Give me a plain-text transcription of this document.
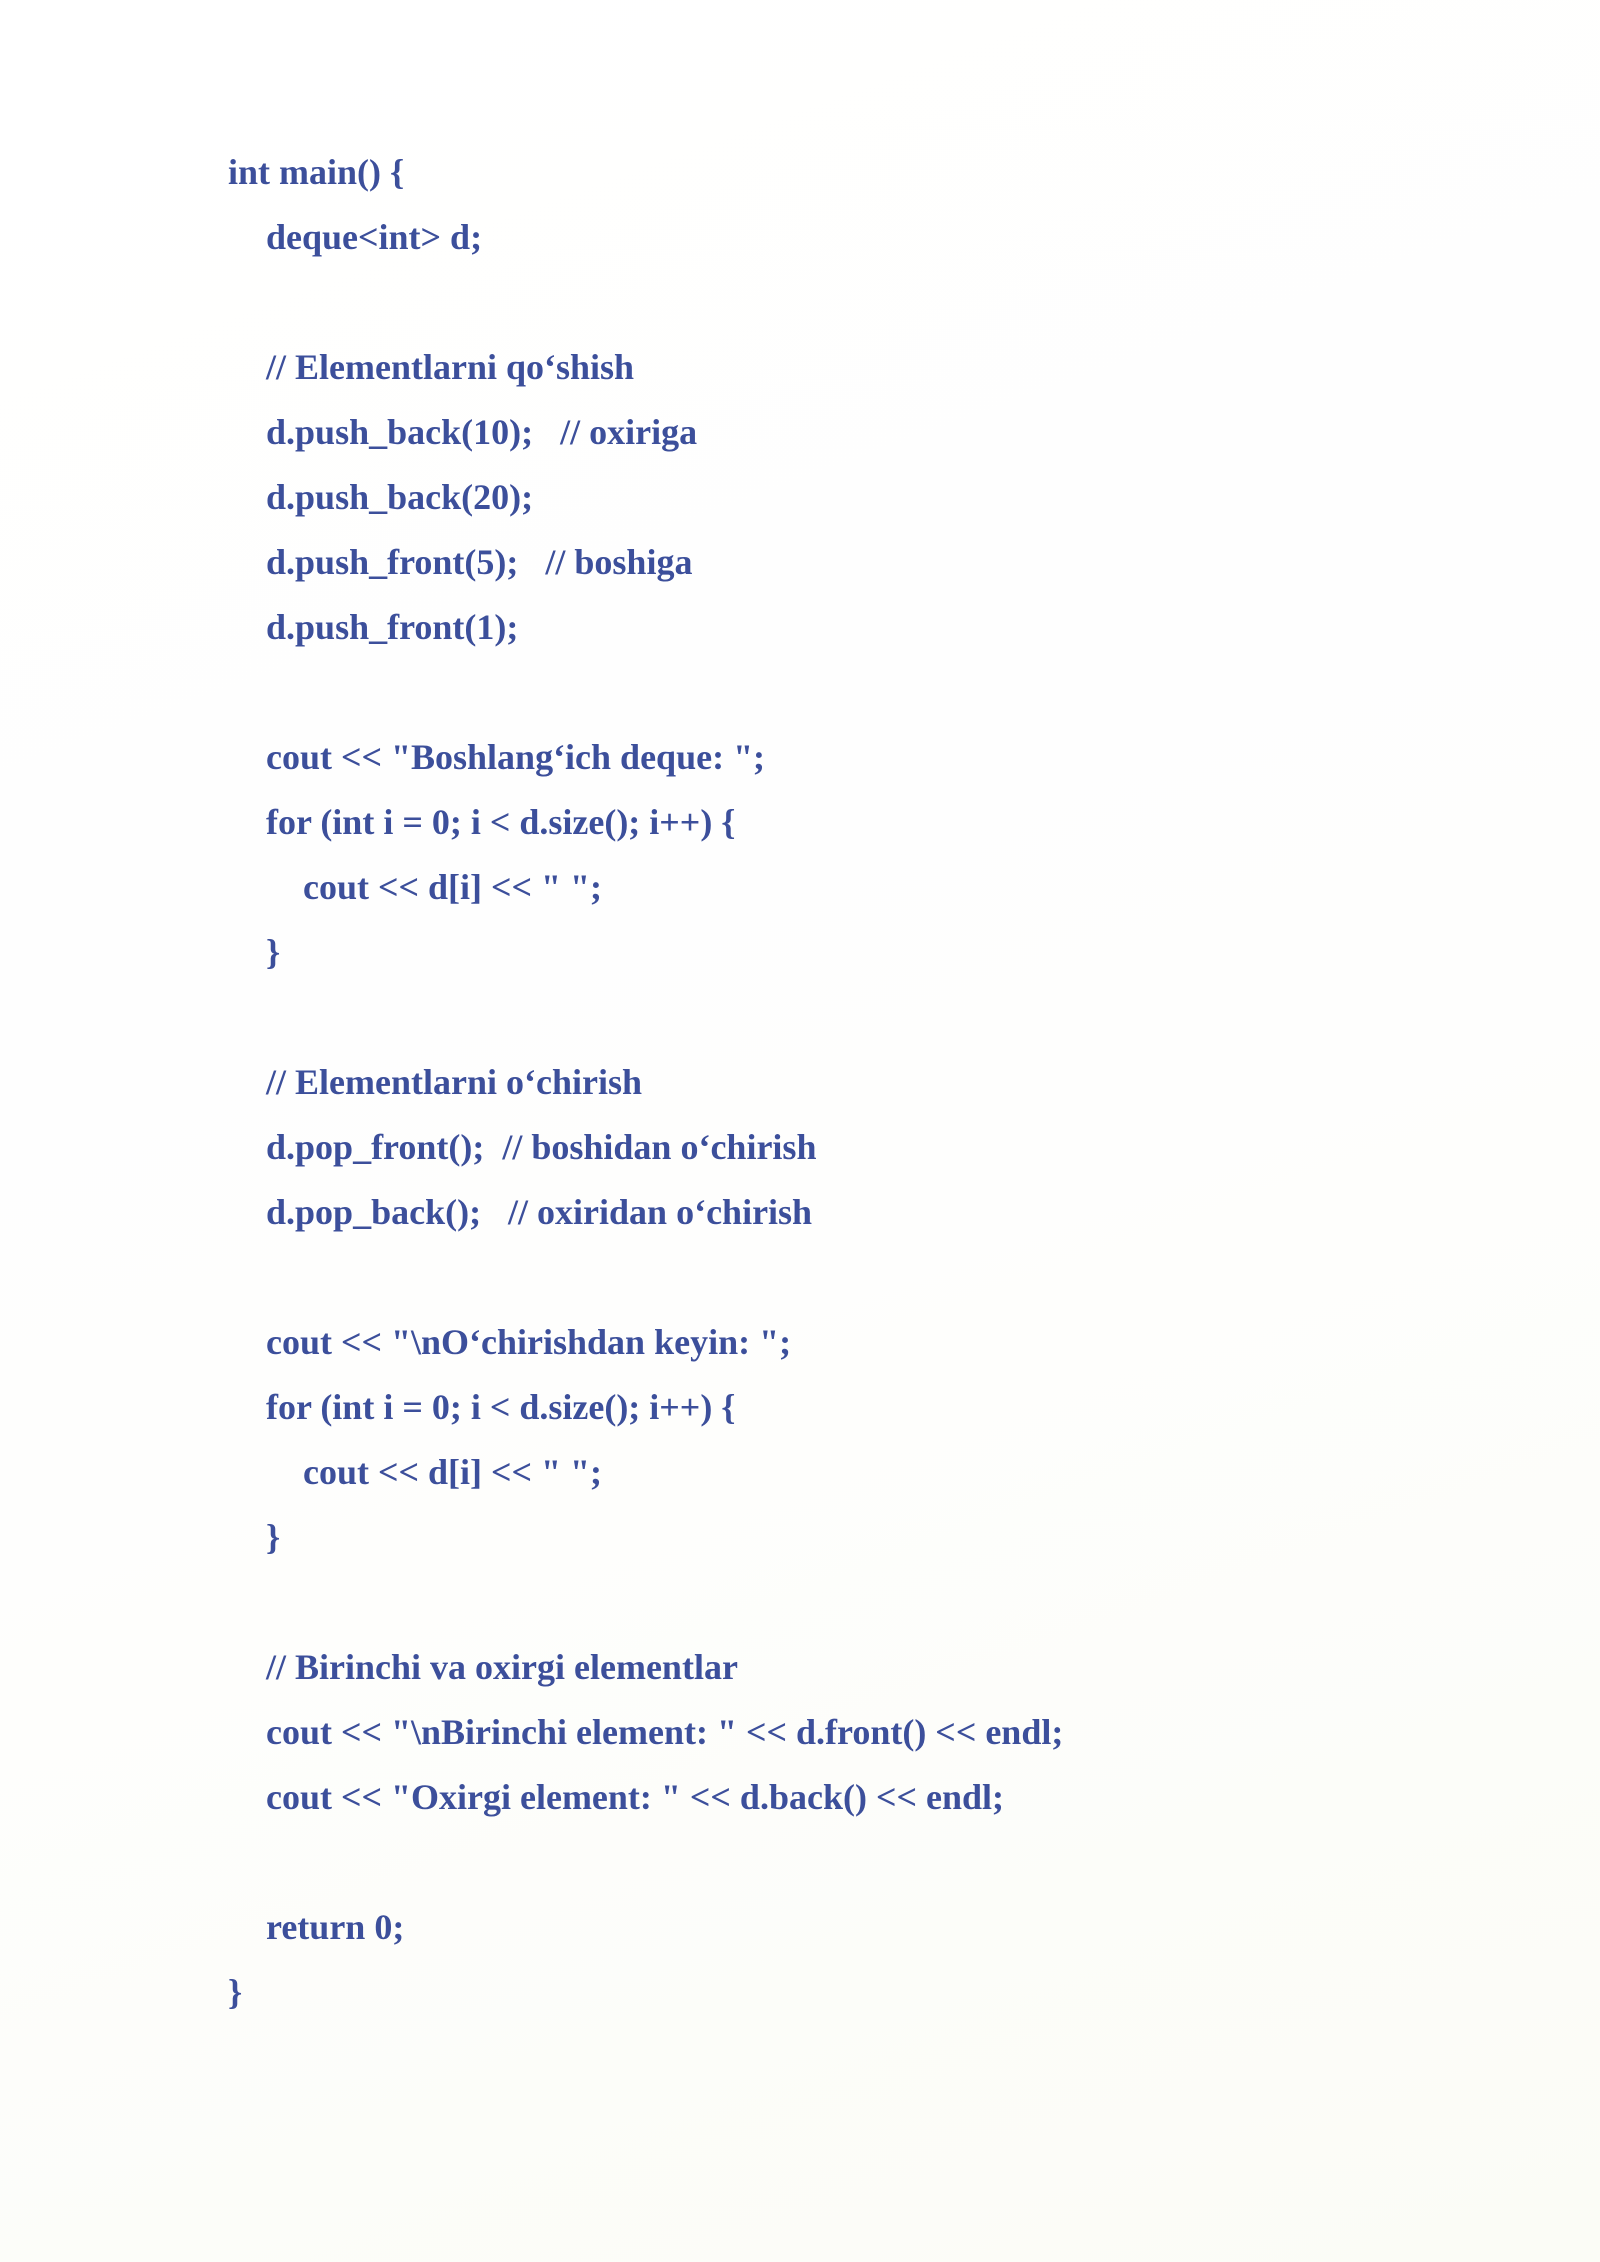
int main() {
deque<int> d;
// Elementlarni qo‘shish
d.push_back(10);   // oxiriga
d.push_back(20);
d.push_front(5);   // boshiga
d.push_front(1);
cout << "Boshlang‘ich deque: ";
for (int i = 0; i < d.size(); i++) {
cout << d[i] << " ";
}
// Elementlarni o‘chirish
d.pop_front();  // boshidan o‘chirish
d.pop_back();   // oxiridan o‘chirish
cout << "\nO‘chirishdan keyin: ";
for (int i = 0; i < d.size(); i++) {
cout << d[i] << " ";
}
// Birinchi va oxirgi elementlar
cout << "\nBirinchi element: " << d.front() << endl;
cout << "Oxirgi element: " << d.back() << endl;
return 0;
}
